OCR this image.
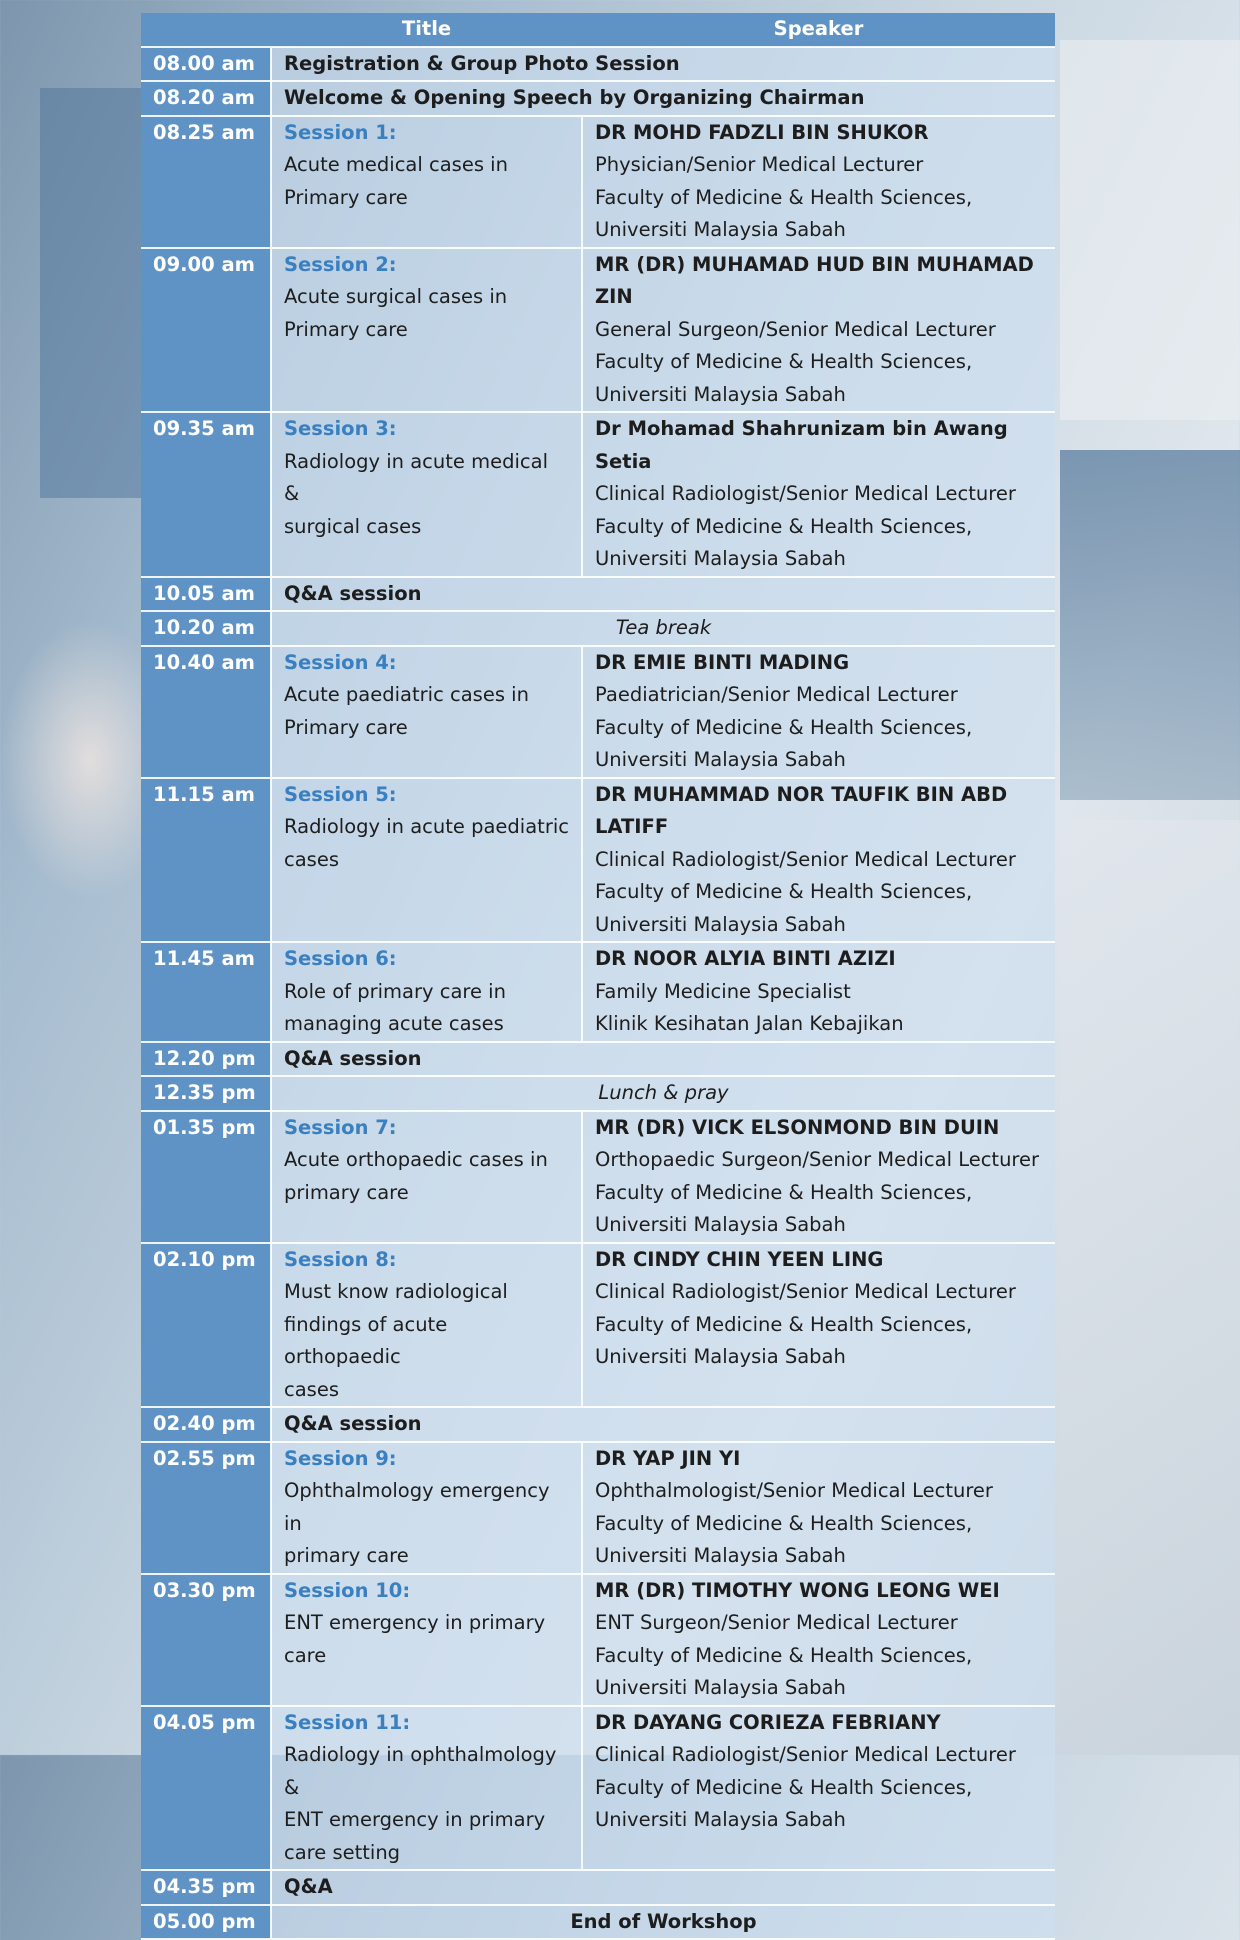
	Title	Speaker
08.00 am	Registration & Group Photo Session	
08.20 am	Welcome & Opening Speech by Organizing Chairman	
08.25 am	Session 1:
Acute medical cases in
Primary care	DR MOHD FADZLI BIN SHUKOR
Physician/Senior Medical Lecturer
Faculty of Medicine & Health Sciences,
Universiti Malaysia Sabah

09.00 am	Session 2:
Acute surgical cases in
Primary care	MR (DR) MUHAMAD HUD BIN MUHAMAD ZIN
General Surgeon/Senior Medical Lecturer
Faculty of Medicine & Health Sciences,
Universiti Malaysia Sabah

09.35 am	Session 3:
Radiology in acute medical &
surgical cases	Dr Mohamad Shahrunizam bin Awang Setia
Clinical Radiologist/Senior Medical Lecturer
Faculty of Medicine & Health Sciences,
Universiti Malaysia Sabah

10.05 am	Q&A session	
10.20 am	Tea break	
10.40 am	Session 4:
Acute paediatric cases in
Primary care	DR EMIE BINTI MADING
Paediatrician/Senior Medical Lecturer
Faculty of Medicine & Health Sciences,
Universiti Malaysia Sabah

11.15 am	Session 5:
Radiology in acute paediatric
cases	DR MUHAMMAD NOR TAUFIK BIN ABD LATIFF
Clinical Radiologist/Senior Medical Lecturer
Faculty of Medicine & Health Sciences,
Universiti Malaysia Sabah

11.45 am	Session 6:
Role of primary care in
managing acute cases	DR NOOR ALYIA BINTI AZIZI
Family Medicine Specialist
Klinik Kesihatan Jalan Kebajikan

12.20 pm	Q&A session	
12.35 pm	Lunch & pray	
01.35 pm	Session 7:
Acute orthopaedic cases in
primary care	MR (DR) VICK ELSONMOND BIN DUIN
Orthopaedic Surgeon/Senior Medical Lecturer
Faculty of Medicine & Health Sciences,
Universiti Malaysia Sabah

02.10 pm	Session 8:
Must know radiological
findings of acute orthopaedic
cases	DR CINDY CHIN YEEN LING
Clinical Radiologist/Senior Medical Lecturer
Faculty of Medicine & Health Sciences,
Universiti Malaysia Sabah

02.40 pm	Q&A session	
02.55 pm	Session 9:
Ophthalmology emergency in
primary care	DR YAP JIN YI
Ophthalmologist/Senior Medical Lecturer
Faculty of Medicine & Health Sciences,
Universiti Malaysia Sabah

03.30 pm	Session 10:
ENT emergency in primary
care	MR (DR) TIMOTHY WONG LEONG WEI
ENT Surgeon/Senior Medical Lecturer
Faculty of Medicine & Health Sciences,
Universiti Malaysia Sabah

04.05 pm	Session 11:
Radiology in ophthalmology &
ENT emergency in primary
care setting	DR DAYANG CORIEZA FEBRIANY
Clinical Radiologist/Senior Medical Lecturer
Faculty of Medicine & Health Sciences,
Universiti Malaysia Sabah

04.35 pm	Q&A	
05.00 pm	End of Workshop	
